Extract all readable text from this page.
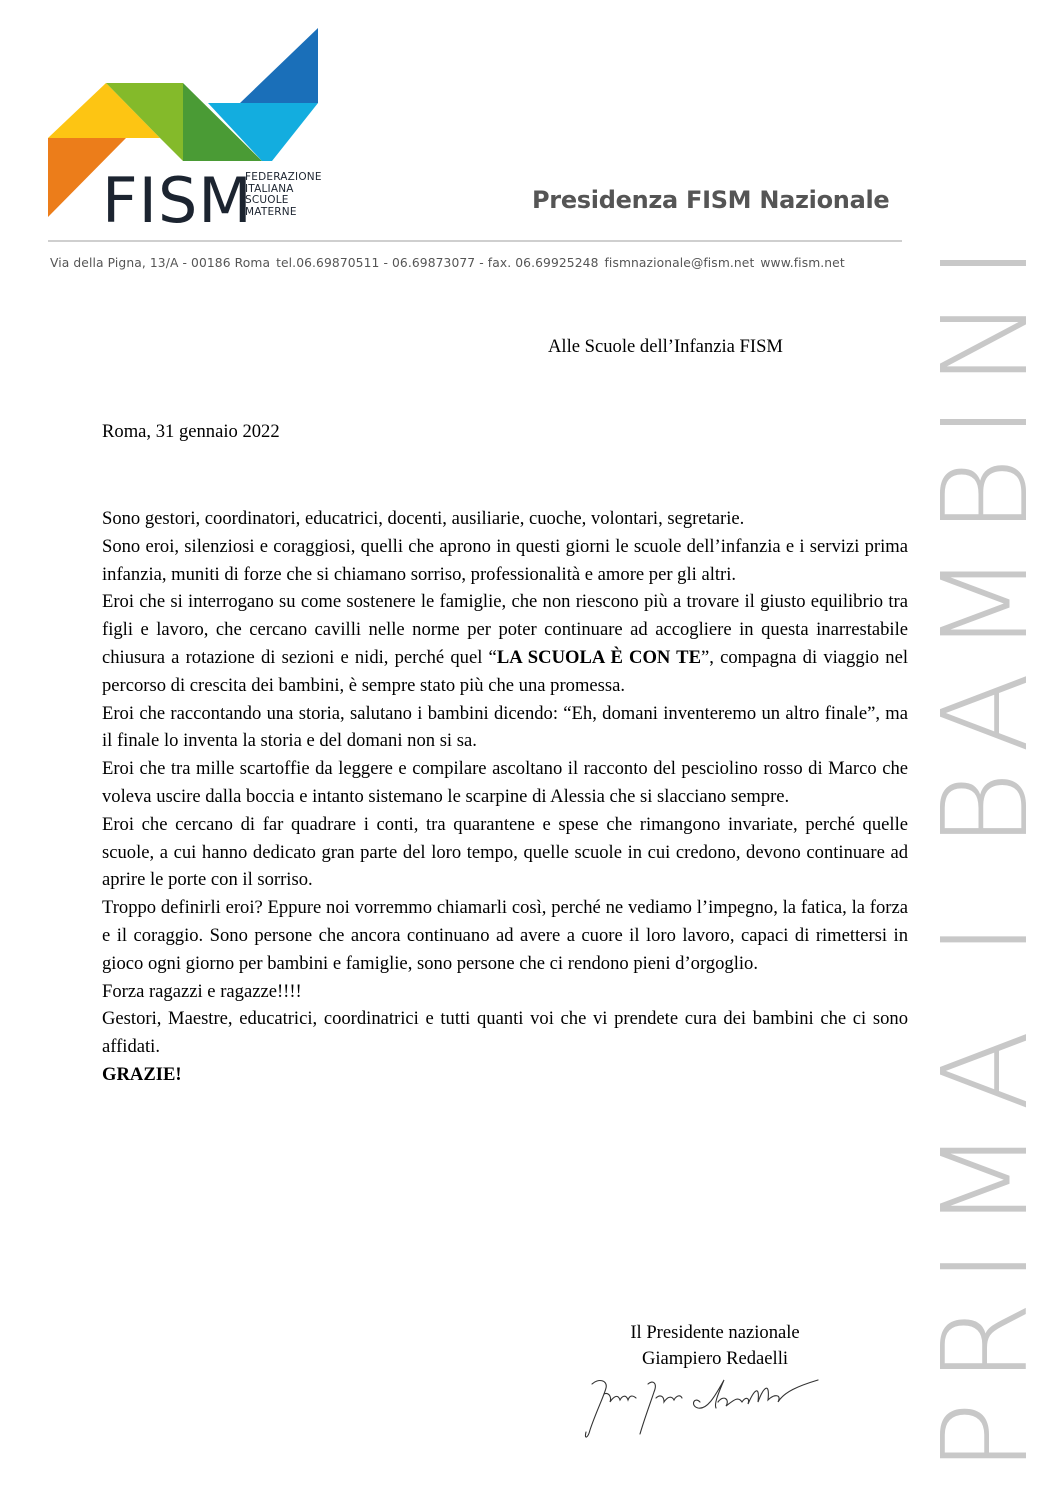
FISM
FEDERAZIONE
ITALIANA
SCUOLE
MATERNE	Presidenza FISM Nazionale
Via della Pigna, 13/A - 00186 Roma tel.06.69870511 - 06.69873077 - fax. 06.69925248 fismnazionale@fism.net www.fism.net PRIMA I BAMBINI
Alle Scuole dell’Infanzia FISM
Roma, 31 gennaio 2022

Sono gestori, coordinatori, educatrici, docenti, ausiliarie, cuoche, volontari, segretarie.

Sono eroi, silenziosi e coraggiosi, quelli che aprono in questi giorni le scuole dell’infanzia e i servizi prima infanzia, muniti di forze che si chiamano sorriso, professionalità e amore per gli altri.

Eroi che si interrogano su come sostenere le famiglie, che non riescono più a trovare il giusto equilibrio tra figli e lavoro, che cercano cavilli nelle norme per poter continuare ad accogliere in questa inarrestabile chiusura a rotazione di sezioni e nidi, perché quel “LA SCUOLA È CON TE”, compagna di viaggio nel percorso di crescita dei bambini, è sempre stato più che una promessa.

Eroi che raccontando una storia, salutano i bambini dicendo: “Eh, domani inventeremo un altro finale”, ma il finale lo inventa la storia e del domani non si sa.

Eroi che tra mille scartoffie da leggere e compilare ascoltano il racconto del pesciolino rosso di Marco che voleva uscire dalla boccia e intanto sistemano le scarpine di Alessia che si slacciano sempre.

Eroi che cercano di far quadrare i conti, tra quarantene e spese che rimangono invariate, perché quelle scuole, a cui hanno dedicato gran parte del loro tempo, quelle scuole in cui credono, devono continuare ad aprire le porte con il sorriso.

Troppo definirli eroi? Eppure noi vorremmo chiamarli così, perché ne vediamo l’impegno, la fatica, la forza e il coraggio. Sono persone che ancora continuano ad avere a cuore il loro lavoro, capaci di rimettersi in gioco ogni giorno per bambini e famiglie, sono persone che ci rendono pieni d’orgoglio.

Forza ragazzi e ragazze!!!!

Gestori, Maestre, educatrici, coordinatrici e tutti quanti voi che vi prendete cura dei bambini che ci sono affidati.

GRAZIE!

Il Presidente nazionale
Giampiero Redaelli
